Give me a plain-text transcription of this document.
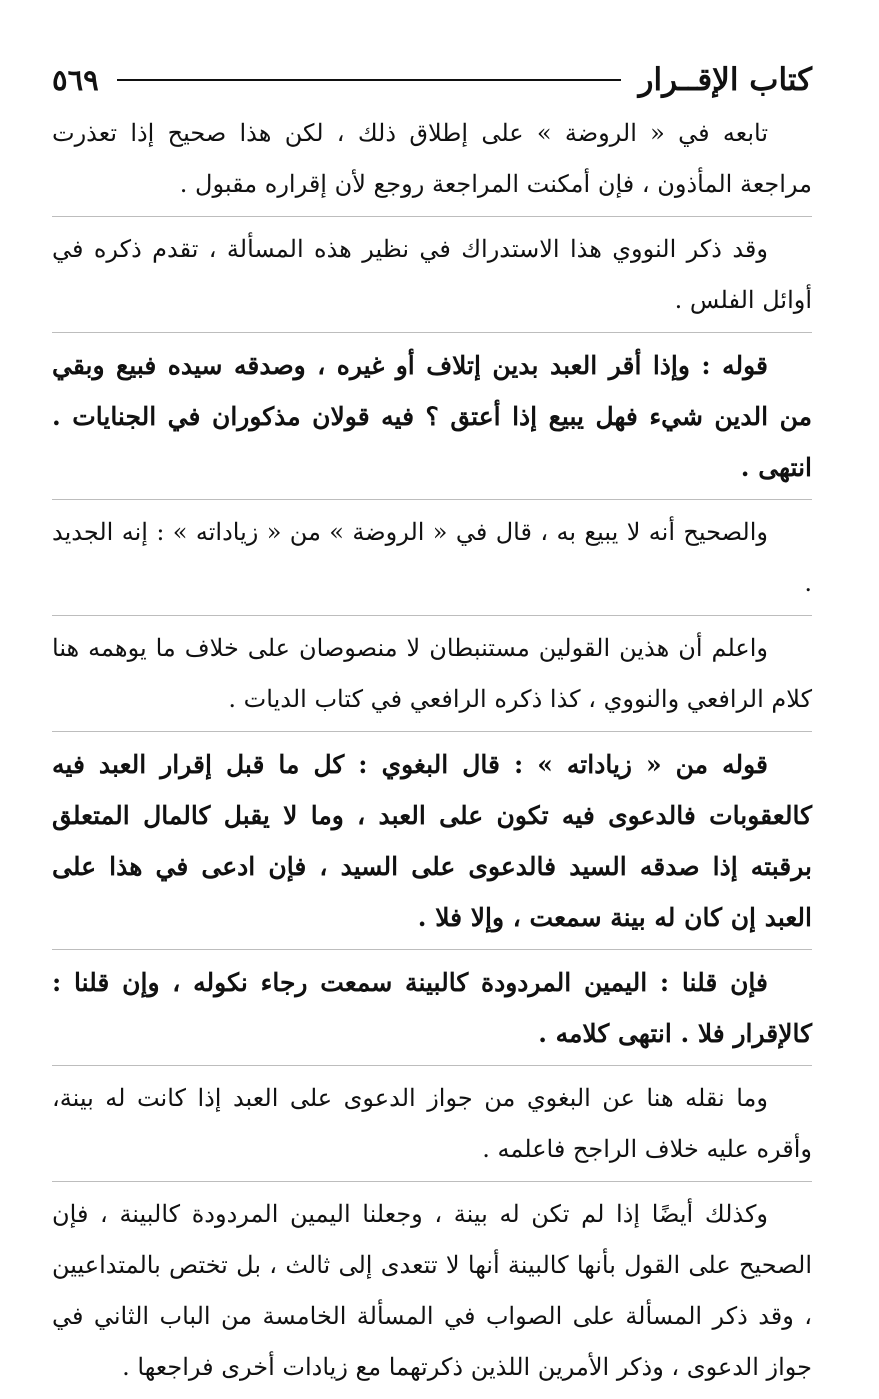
كتاب الإقــرار
٥٦٩

تابعه في « الروضة » على إطلاق ذلك ، لكن هذا صحيح إذا تعذرت مراجعة المأذون ، فإن أمكنت المراجعة روجع لأن إقراره مقبول .

وقد ذكر النووي هذا الاستدراك في نظير هذه المسألة ، تقدم ذكره في أوائل الفلس .

قوله : وإذا أقر العبد بدين إتلاف أو غيره ، وصدقه سيده فبيع وبقي من الدين شيء فهل يبيع إذا أعتق ؟ فيه قولان مذكوران في الجنايات . انتهى .

والصحيح أنه لا يبيع به ، قال في « الروضة » من « زياداته » : إنه الجديد .

واعلم أن هذين القولين مستنبطان لا منصوصان على خلاف ما يوهمه هنا كلام الرافعي والنووي ، كذا ذكره الرافعي في كتاب الديات .

قوله من « زياداته » : قال البغوي : كل ما قبل إقرار العبد فيه كالعقوبات فالدعوى فيه تكون على العبد ، وما لا يقبل كالمال المتعلق برقبته إذا صدقه السيد فالدعوى على السيد ، فإن ادعى في هذا على العبد إن كان له بينة سمعت ، وإلا فلا .

فإن قلنا : اليمين المردودة كالبينة سمعت رجاء نكوله ، وإن قلنا : كالإقرار فلا . انتهى كلامه .

وما نقله هنا عن البغوي من جواز الدعوى على العبد إذا كانت له بينة، وأقره عليه خلاف الراجح فاعلمه .

وكذلك أيضًا إذا لم تكن له بينة ، وجعلنا اليمين المردودة كالبينة ، فإن الصحيح على القول بأنها كالبينة أنها لا تتعدى إلى ثالث ، بل تختص بالمتداعيين ، وقد ذكر المسألة على الصواب في المسألة الخامسة من الباب الثاني في جواز الدعوى ، وذكر الأمرين اللذين ذكرتهما مع زيادات أخرى فراجعها .
